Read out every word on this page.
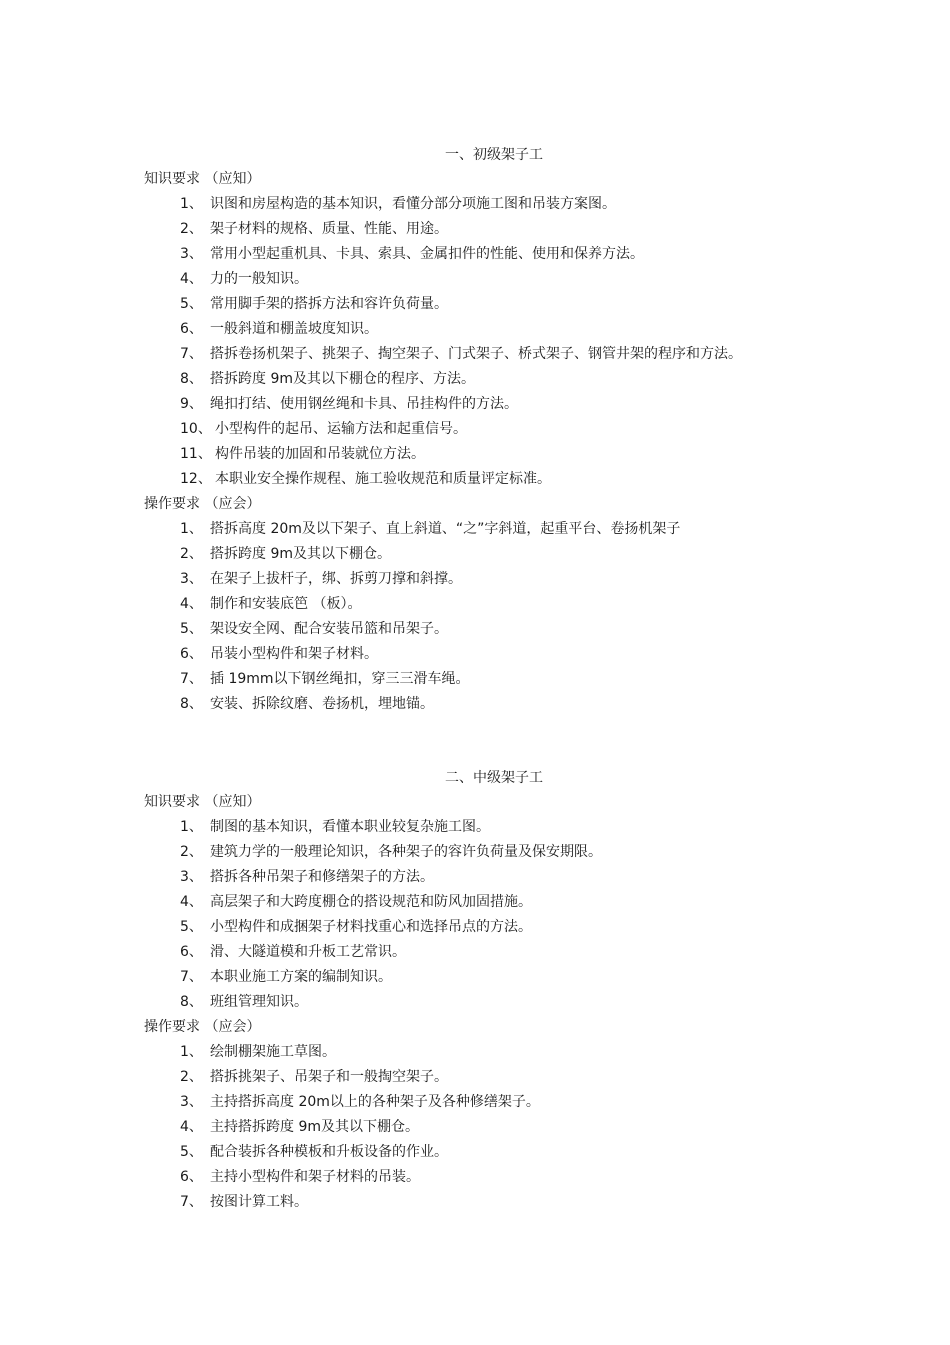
一、初级架子工
知识要求 （应知）
1、 识图和房屋构造的基本知识，看懂分部分项施工图和吊装方案图。
2、 架子材料的规格、质量、性能、用途。
3、 常用小型起重机具、卡具、索具、金属扣件的性能、使用和保养方法。
4、 力的一般知识。
5、 常用脚手架的搭拆方法和容许负荷量。
6、 一般斜道和棚盖坡度知识。
7、 搭拆卷扬机架子、挑架子、掏空架子、门式架子、桥式架子、钢管井架的程序和方法。
8、 搭拆跨度 9m及其以下棚仓的程序、方法。
9、 绳扣打结、使用钢丝绳和卡具、吊挂构件的方法。
10、 小型构件的起吊、运输方法和起重信号。
11、 构件吊装的加固和吊装就位方法。
12、 本职业安全操作规程、施工验收规范和质量评定标准。
操作要求 （应会）
1、 搭拆高度 20m及以下架子、直上斜道、“之”字斜道，起重平台、卷扬机架子
2、 搭拆跨度 9m及其以下棚仓。
3、 在架子上拔杆子，绑、拆剪刀撑和斜撑。
4、 制作和安装底笆 （板）。
5、 架设安全网、配合安装吊篮和吊架子。
6、 吊装小型构件和架子材料。
7、 插 19mm以下钢丝绳扣，穿三三滑车绳。
8、 安装、拆除纹磨、卷扬机，埋地锚。
二、中级架子工
知识要求 （应知）
1、 制图的基本知识，看懂本职业较复杂施工图。
2、 建筑力学的一般理论知识，各种架子的容许负荷量及保安期限。
3、 搭拆各种吊架子和修缮架子的方法。
4、 高层架子和大跨度棚仓的搭设规范和防风加固措施。
5、 小型构件和成捆架子材料找重心和选择吊点的方法。
6、 滑、大隧道模和升板工艺常识。
7、 本职业施工方案的编制知识。
8、 班组管理知识。
操作要求 （应会）
1、 绘制棚架施工草图。
2、 搭拆挑架子、吊架子和一般掏空架子。
3、 主持搭拆高度 20m以上的各种架子及各种修缮架子。
4、 主持搭拆跨度 9m及其以下棚仓。
5、 配合装拆各种模板和升板设备的作业。
6、 主持小型构件和架子材料的吊装。
7、 按图计算工料。
